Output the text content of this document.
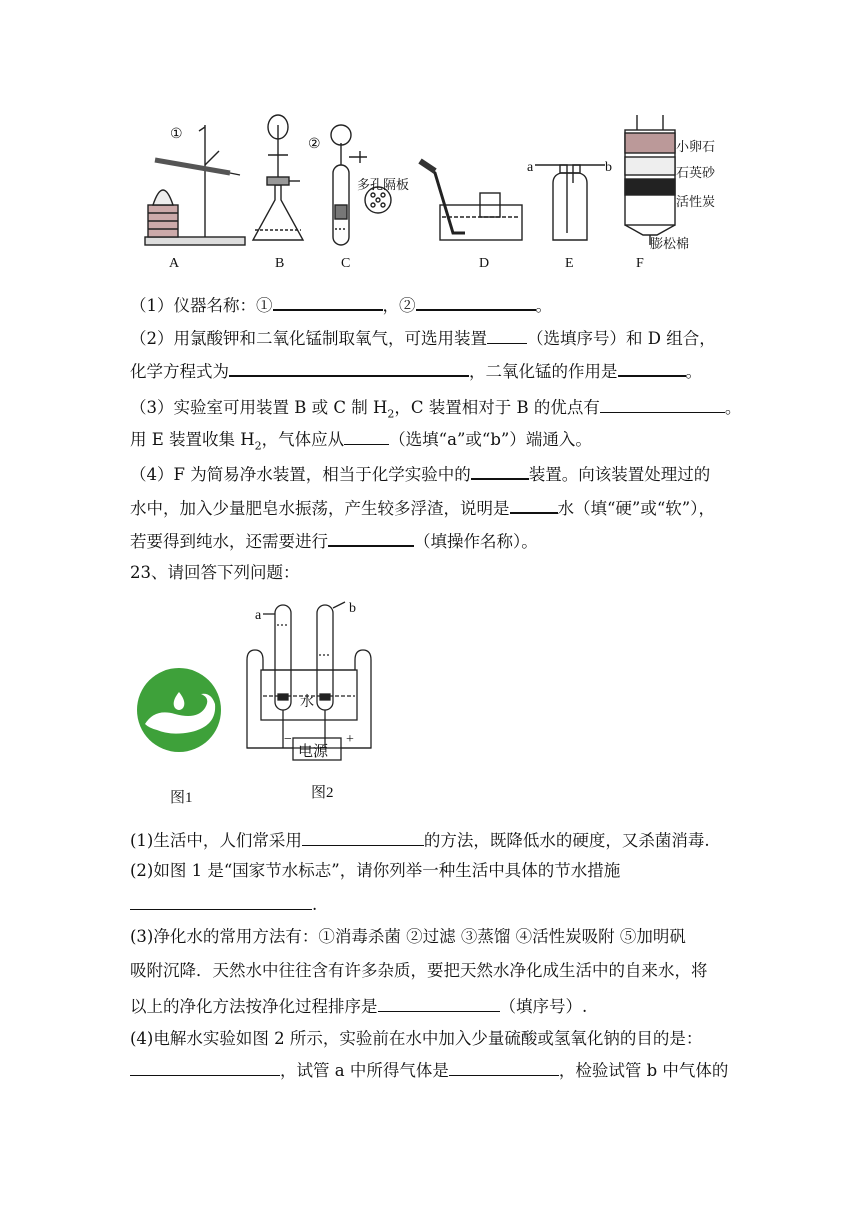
A	B	C	D	E	F
①
②
多孔隔板
a	b
小卵石
石英砂
活性炭
膨松棉
（1）仪器名称：①	，②	。
（2）用氯酸钾和二氧化锰制取氧气，可选用装置 （选填序号）和 D 组合，
化学方程式为	，二氧化锰的作用是	。
（3）实验室可用装置 B 或 C 制 $H_2$，C 装置相对于 B 的优点有	。
用 E 装置收集 $H_2$，气体应从	（选填“a”或“b”）端通入。
（4）F 为简易净水装置，相当于化学实验中的	装置。向该装置处理过的
水中，加入少量肥皂水振荡，产生较多浮渣，说明是	水（填“硬”或“软”），
若要得到纯水，还需要进行	（填操作名称）。
23、请回答下列问题：
图1
a	b
水
电源
−	+
图2
(1)生活中，人们常采用	的方法，既降低水的硬度，又杀菌消毒.
(2)如图 1 是“国家节水标志”，请你列举一种生活中具体的节水措施
.
(3)净化水的常用方法有：①消毒杀菌 ②过滤 ③蒸馏 ④活性炭吸附 ⑤加明矾
吸附沉降．天然水中往往含有许多杂质，要把天然水净化成生活中的自来水，将
以上的净化方法按净化过程排序是	（填序号）.
(4)电解水实验如图 2 所示，实验前在水中加入少量硫酸或氢氧化钠的目的是：
，试管 a 中所得气体是	，检验试管 b 中气体的
